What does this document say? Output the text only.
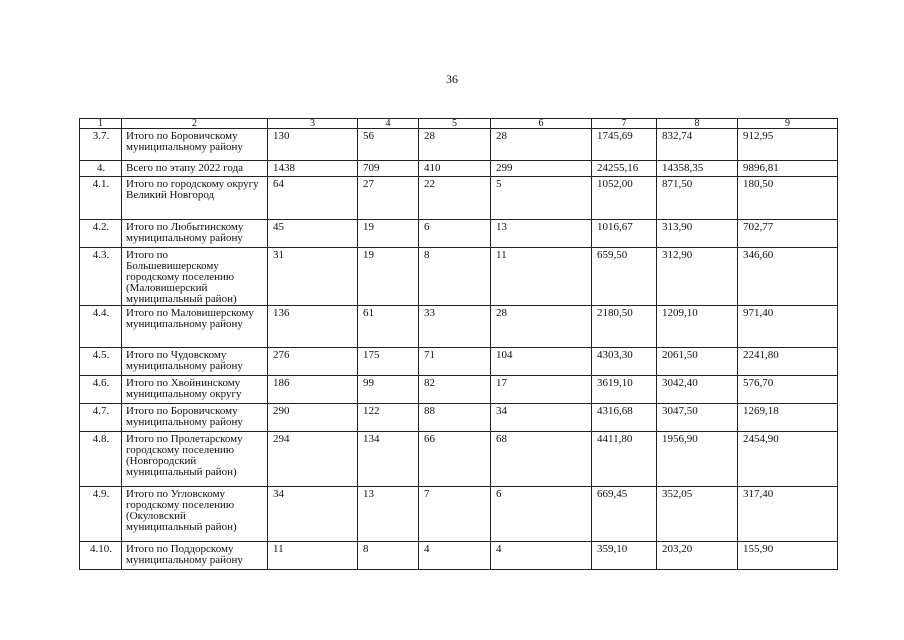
36
1	2	3	4	5	6	7	8	9
3.7.	Итого по Боровичскому муниципальному району	130	56	28	28	1745,69	832,74	912,95
4.	Всего по этапу 2022 года	1438	709	410	299	24255,16	14358,35	9896,81
4.1.	Итого по городскому округу Великий Новгород	64	27	22	5	1052,00	871,50	180,50
4.2.	Итого по Любытинскому муниципальному району	45	19	6	13	1016,67	313,90	702,77
4.3.	Итого по Большевишерскому городскому поселению (Маловишерский муниципальный район)	31	19	8	11	659,50	312,90	346,60
4.4.	Итого по Маловишерскому муниципальному району	136	61	33	28	2180,50	1209,10	971,40
4.5.	Итого по Чудовскому муниципальному району	276	175	71	104	4303,30	2061,50	2241,80
4.6.	Итого по Хвойнинскому муниципальному округу	186	99	82	17	3619,10	3042,40	576,70
4.7.	Итого по Боровичскому муниципальному району	290	122	88	34	4316,68	3047,50	1269,18
4.8.	Итого по Пролетарскому городскому поселению (Новгородский муниципальный район)	294	134	66	68	4411,80	1956,90	2454,90
4.9.	Итого по Угловскому городскому поселению (Окуловский муниципальный район)	34	13	7	6	669,45	352,05	317,40
4.10.	Итого по Поддорскому муниципальному району	11	8	4	4	359,10	203,20	155,90
